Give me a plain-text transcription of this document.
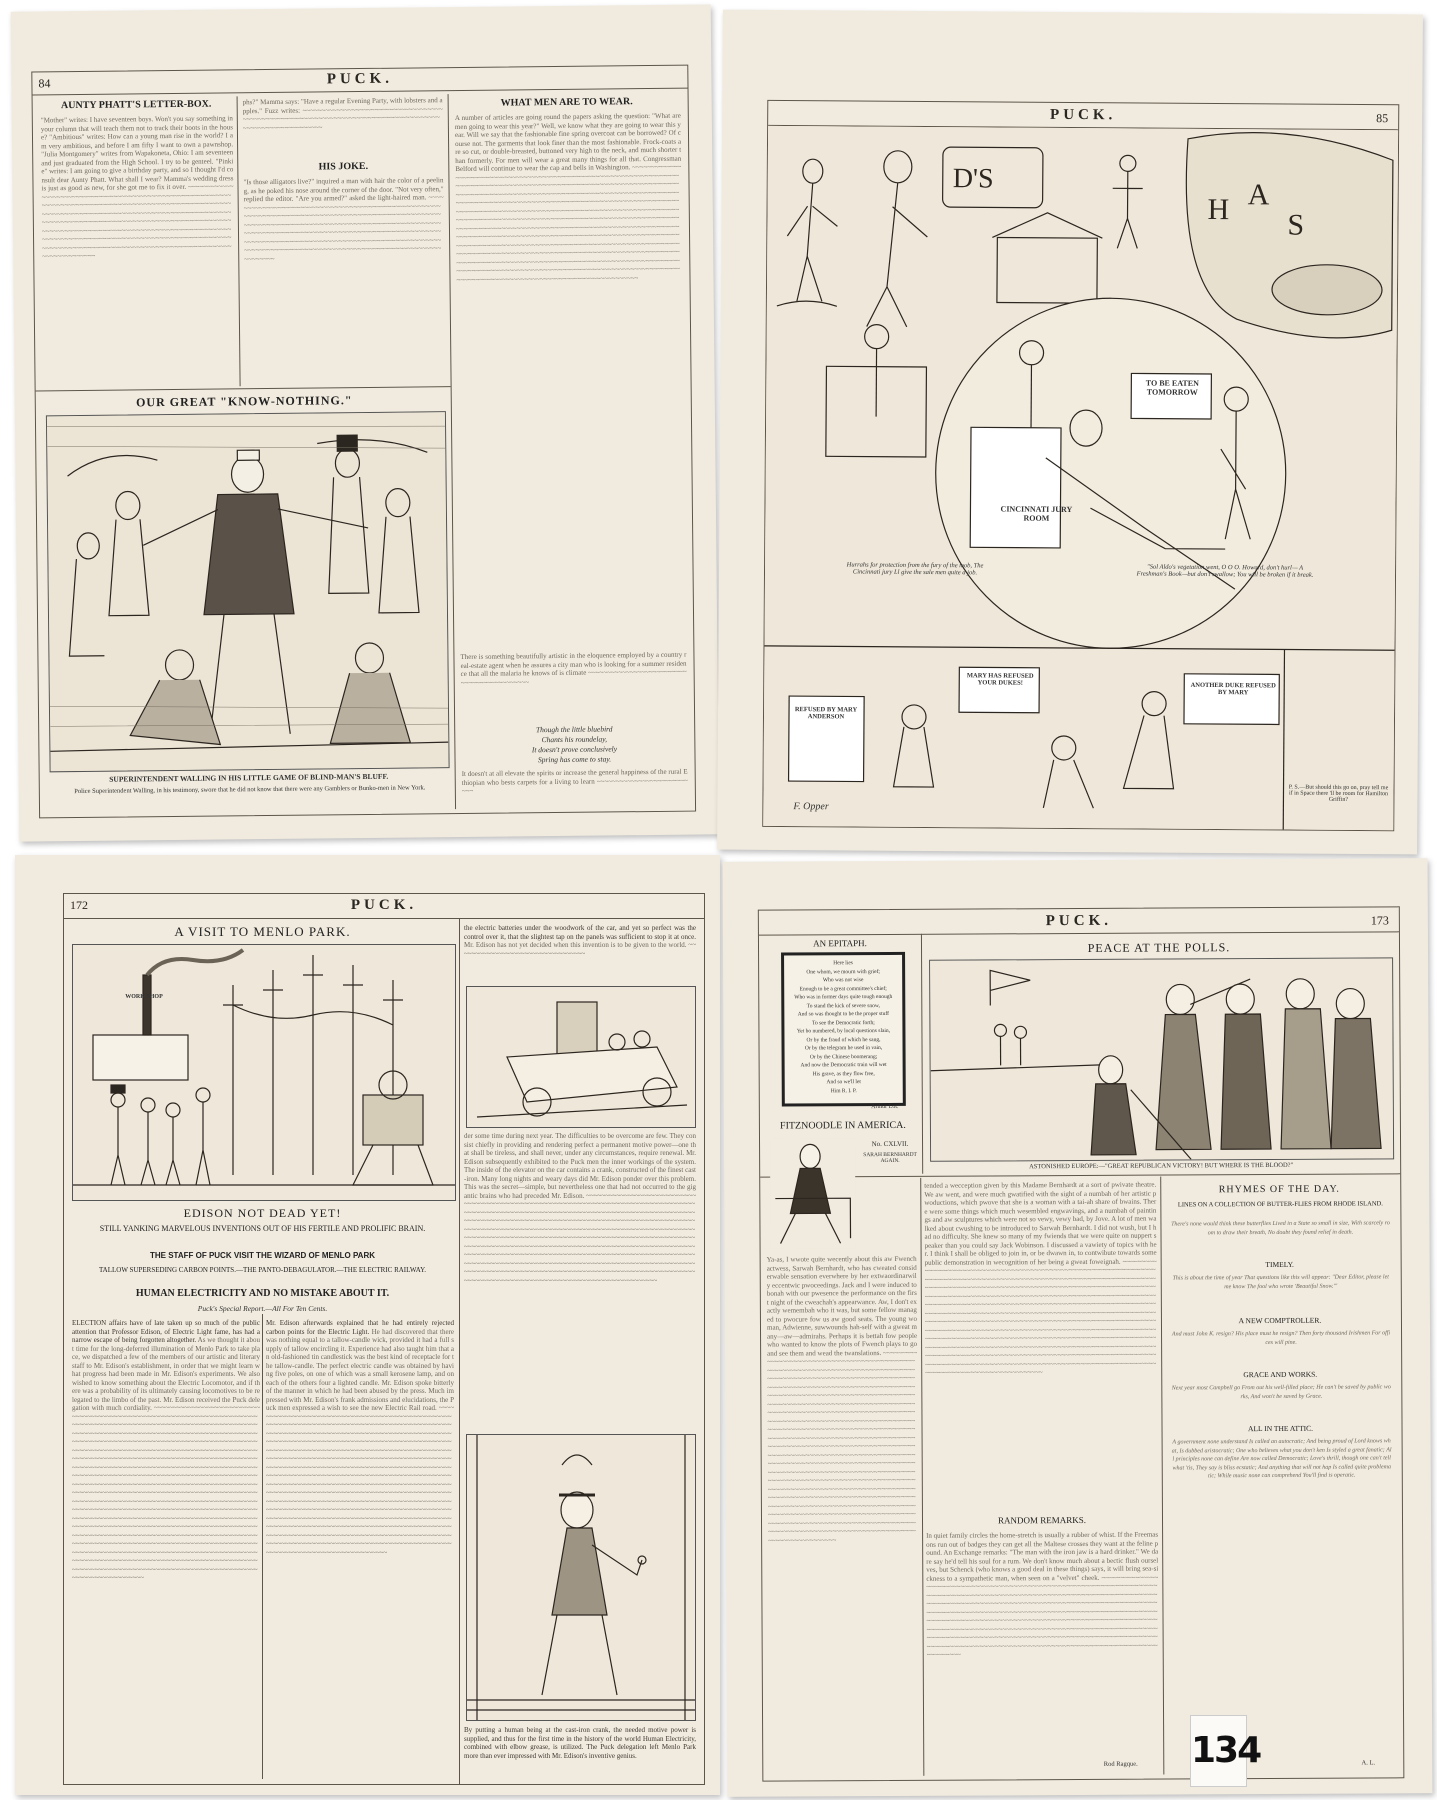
84	PUCK.
AUNTY PHATT'S LETTER-BOX.
"Mother" writes: I have seventeen boys. Won't you say something in your column that will teach them not to track their boots in the house? "Ambitious" writes: How can a young man rise in the world? I am very ambitious, and before I am fifty I want to own a pawnshop. "Julia Montgomery" writes from Wapakoneta, Ohio: I am seventeen and just graduated from the High School. I try to be genteel. "Pinkie" writes: I am going to give a birthday party, and so I thought I'd consult dear Aunty Phatt. What shall I wear? Mamma's wedding dress is just as good as new, for she got me to fix it over. ~~~~~~~~~~~~~~~~~~~~~~~~~~~~~~~~~~~~~~~~~~~~~~~~~~~~~~~~~~~~~~~~~~~~~~~~~~~~~~~~~~~~~~~~~~~~~~~~~~~~~~~~~~~~~~~~~~~~~~~~~~~~~~~~~~~~~~~~~~~~~~~~~~~~~~~~~~~~~~~~~~~~~~~~~~~~~~~~~~~~~~~~~~~~~~~~~~~~~~~~~~~~~~~~~~~~~~~~~~~~~~~~~~~~~~~~~~~~~~~~~~~~~~~~~~~~~~~~~~~~~~~~~~~~~~~~~~~~~~~~~~~~~~~~~~~~~~~~~~~~~~~~~~~~~~~~~~~~~~~~~~~~~~~~~~~~~~~~~~~~~~~~~~~~~~~~~~~~~~~~~~~~~~~~~~~~~~~~
phs?" Mamma says: "Have a regular Evening Party, with lobsters and apples." Fuzz writes: ~~~~~~~~~~~~~~~~~~~~~~~~~~~~~~~~~~~~~~~~~~~~~~~~~~~~~~~~~~~~~~~~~~~~~~~~~~~~~~~~~~~~~~~~~~~~~~~~~~~~~~~~~~~~~~
HIS JOKE.
"Is those alligators live?" inquired a man with hair the color of a peeling, as he poked his nose around the corner of the door. "Not very often," replied the editor. "Are you armed?" asked the light-haired man. ~~~~~~~~~~~~~~~~~~~~~~~~~~~~~~~~~~~~~~~~~~~~~~~~~~~~~~~~~~~~~~~~~~~~~~~~~~~~~~~~~~~~~~~~~~~~~~~~~~~~~~~~~~~~~~~~~~~~~~~~~~~~~~~~~~~~~~~~~~~~~~~~~~~~~~~~~~~~~~~~~~~~~~~~~~~~~~~~~~~~~~~~~~~~~~~~~~~~~~~~~~~~~~~~~~~~~~~~~~~~~~~~~~~~~~~~~~~~~~~~~~~~~~~~~~~~~~~~~~~~~~~~~~~~~~~~~~~~~~~~~~~~~~~~~~~~~~~~~~~~~~~~~~~~~~~~~~~~~~~~~~~~
WHAT MEN ARE TO WEAR.
A number of articles are going round the papers asking the question: "What are men going to wear this year?" Well, we know what they are going to wear this year. Will we say that the fashionable fine spring overcoat can be borrowed? Of course not. The garments that look finer than the most fashionable. Frock-coats are so cut, or double-breasted, buttoned very high to the neck, and much shorter than formerly. For men will wear a great many things for all that. Congressman Belford will continue to wear the cap and bells in Washington. ~~~~~~~~~~~~~~~~~~~~~~~~~~~~~~~~~~~~~~~~~~~~~~~~~~~~~~~~~~~~~~~~~~~~~~~~~~~~~~~~~~~~~~~~~~~~~~~~~~~~~~~~~~~~~~~~~~~~~~~~~~~~~~~~~~~~~~~~~~~~~~~~~~~~~~~~~~~~~~~~~~~~~~~~~~~~~~~~~~~~~~~~~~~~~~~~~~~~~~~~~~~~~~~~~~~~~~~~~~~~~~~~~~~~~~~~~~~~~~~~~~~~~~~~~~~~~~~~~~~~~~~~~~~~~~~~~~~~~~~~~~~~~~~~~~~~~~~~~~~~~~~~~~~~~~~~~~~~~~~~~~~~~~~~~~~~~~~~~~~~~~~~~~~~~~~~~~~~~~~~~~~~~~~~~~~~~~~~~~~~~~~~~~~~~~~~~~~~~~~~~~~~~~~~~~~~~~~~~~~~~~~~~~~~~~~~~~~~~~~~~~~~~~~~~~~~~~~~~~~~~~~~~~~~~~~~~~~~~~~~~~~~~~~~~~~~~~~~~~~~~~~~~~~~~~~~~~~~~~~~~~~~~~~~~~~~~~~~~~~~~~~~~~~~~~~~~~~~~~~~~~~~~~~~~~~~~~~~~~~~~~~~~~~~~~~~~~~~~~~~~~~~~~~~~~~~~~~~~~~~~~~~~~~~~~~~~~~~~~~~~~~~~~~~~~~~~~~~~~~~~~~~~~~~~~~~~~~~~~~~~~~~~~~~~~~~~~~~~~~~~~~~~~~~~~~~~~~~~~~~~~~~~~~~~~~~~~~~~~~~~~~~~~~~~~~~~~~~~~~~~~~~~~~~~
There is something beautifully artistic in the eloquence employed by a country real-estate agent when he assures a city man who is looking for a summer residence that all the malaria he knows of is climate ~~~~~~~~~~~~~~~~~~~~~~~~~~~~~~~~~~~~~~~~~~~~
Though the little bluebird
Chants his roundelay,
It doesn't prove conclusively
Spring has come to stay.
It doesn't at all elevate the spirits or increase the general happiness of the rural Ethiopian who bests carpets for a living to learn ~~~~~~~~~~~~~~~~~~~~~~~~~~~
OUR GREAT "KNOW-NOTHING."
SUPERINTENDENT WALLING IN HIS LITTLE GAME OF BLIND-MAN'S BLUFF.
Police Superintendent Walling, in his testimony, swore that he did not know that there were any Gamblers or Bunko-men in New York.
PUCK.	85
D'S
H A
S
CINCINNATI JURY ROOM
TO BE EATEN TOMORROW
MARY HAS REFUSED YOUR DUKES!
REFUSED BY MARY ANDERSON
ANOTHER DUKE REFUSED BY MARY
Hurrahs for protection from the fury of the mob, The Cincinnati jury Ll give the sale men quite a job.
"Sol Aldo's vegetation went, O O O. Howard, don't hurl— A Freshman's Book—but don't swallow; You will be broken if it break.
F. Opper
P. S.—But should this go on, pray tell me if in Space there 'll be room for Hamilton Griffin?
172	PUCK.
A VISIT TO MENLO PARK.
WORK SHOP
EDISON NOT DEAD YET!
STILL YANKING MARVELOUS INVENTIONS OUT OF HIS FERTILE AND PROLIFIC BRAIN.
THE STAFF OF PUCK VISIT THE WIZARD OF MENLO PARK
TALLOW SUPERSEDING CARBON POINTS.—THE PANTO-DEBAGULATOR.—THE ELECTRIC RAILWAY.
HUMAN ELECTRICITY AND NO MISTAKE ABOUT IT.
Puck's Special Report.—All For Ten Cents.
ELECTION affairs have of late taken up so much of the public attention that Professor Edison, of Electric Light fame, has had a narrow escape of being forgotten altogether. As we thought it about time for the long-deferred illumination of Menlo Park to take place, we dispatched a few of the members of our artistic and literary staff to Mr. Edison's establishment, in order that we might learn what progress had been made in Mr. Edison's experiments. We also wished to know something about the Electric Locomotor, and if there was a probability of its ultimately causing locomotives to be relegated to the limbo of the past. Mr. Edison received the Puck delegation with much cordiality. ~~~~~~~~~~~~~~~~~~~~~~~~~~~~~~~~~~~~~~~~~~~~~~~~~~~~~~~~~~~~~~~~~~~~~~~~~~~~~~~~~~~~~~~~~~~~~~~~~~~~~~~~~~~~~~~~~~~~~~~~~~~~~~~~~~~~~~~~~~~~~~~~~~~~~~~~~~~~~~~~~~~~~~~~~~~~~~~~~~~~~~~~~~~~~~~~~~~~~~~~~~~~~~~~~~~~~~~~~~~~~~~~~~~~~~~~~~~~~~~~~~~~~~~~~~~~~~~~~~~~~~~~~~~~~~~~~~~~~~~~~~~~~~~~~~~~~~~~~~~~~~~~~~~~~~~~~~~~~~~~~~~~~~~~~~~~~~~~~~~~~~~~~~~~~~~~~~~~~~~~~~~~~~~~~~~~~~~~~~~~~~~~~~~~~~~~~~~~~~~~~~~~~~~~~~~~~~~~~~~~~~~~~~~~~~~~~~~~~~~~~~~~~~~~~~~~~~~~~~~~~~~~~~~~~~~~~~~~~~~~~~~~~~~~~~~~~~~~~~~~~~~~~~~~~~~~~~~~~~~~~~~~~~~~~~~~~~~~~~~~~~~~~~~~~~~~~~~~~~~~~~~~~~~~~~~~~~~~~~~~~~~~~~~~~~~~~~~~~~~~~~~~~~~~~~~~~~~~~~~~~~~~~~~~~~~~~~~~~~~~~~~~~~~~~~~~~~~~~~~~~~~~~~~~~~~~~~~~~~~~~~~~~~~~~~~~~~~~~~~~~~~~~~~~~~~~~~~~~~~~~~~~~~~~~~~~~~~~~~~~~~~~~~~~~~~~~~~~~~~~~~~~~~~~~~~~~~~~~~~~~~~~~~~~~~~~~~~~~~~~~~~~~~~~~~~~~~~~~~~~~~~~~~~~~~~~~~~~~~~~~~~~~~~~~~~~~~~~~~~~~~~~~~~~~~~~~~~~~~~~~~~~~~~~~~~~~~~~~~~~~~~~~~~~~~~~~~~~~~~~~~~~~~~~~~~~~~~~~~~~~~~~~~~~~~~~~~~~~~~~~~~~~~~~~~~~~~~~~~
Mr. Edison afterwards explained that he had entirely rejected carbon points for the Electric Light. He had discovered that there was nothing equal to a tallow-candle wick, provided it had a full supply of tallow encircling it. Experience had also taught him that an old-fashioned tin candlestick was the best kind of receptacle for the tallow-candle. The perfect electric candle was obtained by having five poles, on one of which was a small kerosene lamp, and on each of the others four a lighted candle. Mr. Edison spoke bitterly of the manner in which he had been abused by the press. Much impressed with Mr. Edison's frank admissions and elucidations, the Puck men expressed a wish to see the new Electric Rail road. ~~~~~~~~~~~~~~~~~~~~~~~~~~~~~~~~~~~~~~~~~~~~~~~~~~~~~~~~~~~~~~~~~~~~~~~~~~~~~~~~~~~~~~~~~~~~~~~~~~~~~~~~~~~~~~~~~~~~~~~~~~~~~~~~~~~~~~~~~~~~~~~~~~~~~~~~~~~~~~~~~~~~~~~~~~~~~~~~~~~~~~~~~~~~~~~~~~~~~~~~~~~~~~~~~~~~~~~~~~~~~~~~~~~~~~~~~~~~~~~~~~~~~~~~~~~~~~~~~~~~~~~~~~~~~~~~~~~~~~~~~~~~~~~~~~~~~~~~~~~~~~~~~~~~~~~~~~~~~~~~~~~~~~~~~~~~~~~~~~~~~~~~~~~~~~~~~~~~~~~~~~~~~~~~~~~~~~~~~~~~~~~~~~~~~~~~~~~~~~~~~~~~~~~~~~~~~~~~~~~~~~~~~~~~~~~~~~~~~~~~~~~~~~~~~~~~~~~~~~~~~~~~~~~~~~~~~~~~~~~~~~~~~~~~~~~~~~~~~~~~~~~~~~~~~~~~~~~~~~~~~~~~~~~~~~~~~~~~~~~~~~~~~~~~~~~~~~~~~~~~~~~~~~~~~~~~~~~~~~~~~~~~~~~~~~~~~~~~~~~~~~~~~~~~~~~~~~~~~~~~~~~~~~~~~~~~~~~~~~~~~~~~~~~~~~~~~~~~~~~~~~~~~~~~~~~~~~~~~~~~~~~~~~~~~~~~~~~~~~~~~~~~~~~~~~~~~~~~~~~~~~~~~~~~~~~~~~~~~~~~~~~~~~~~~~~~~~~~~~~~~~~~~~~~~~~~~~~~~~~~~~~~~~~~~~~~~~~~~~~~~~~~~~~~~~~~~~~~~~~~
the electric batteries under the woodwork of the car, and yet so perfect was the control over it, that the slightest tap on the panels was sufficient to stop it at once. Mr. Edison has not yet decided when this invention is to be given to the world. ~~~~~~~~~~~~~~~~~~~~~~~~~~~~~~~~~~
der some time during next year. The difficulties to be overcome are few. They consist chiefly in providing and rendering perfect a permanent motive power—one that shall be tireless, and shall never, under any circumstances, require renewal. Mr. Edison subsequently exhibited to the Puck men the inner workings of the system. The inside of the elevator on the car contains a crank, constructed of the finest cast-iron. Many long nights and weary days did Mr. Edison ponder over this problem. This was the secret—simple, but nevertheless one that had not occurred to the gigantic brains who had preceded Mr. Edison. ~~~~~~~~~~~~~~~~~~~~~~~~~~~~~~~~~~~~~~~~~~~~~~~~~~~~~~~~~~~~~~~~~~~~~~~~~~~~~~~~~~~~~~~~~~~~~~~~~~~~~~~~~~~~~~~~~~~~~~~~~~~~~~~~~~~~~~~~~~~~~~~~~~~~~~~~~~~~~~~~~~~~~~~~~~~~~~~~~~~~~~~~~~~~~~~~~~~~~~~~~~~~~~~~~~~~~~~~~~~~~~~~~~~~~~~~~~~~~~~~~~~~~~~~~~~~~~~~~~~~~~~~~~~~~~~~~~~~~~~~~~~~~~~~~~~~~~~~~~~~~~~~~~~~~~~~~~~~~~~~~~~~~~~~~~~~~~~~~~~~~~~~~~~~~~~~~~~~~~~~~~~~~~~~~~~~~~~~~~~~~~~~~~~~~~~~~~~~~~~~~~~~~~~~~~~~~~~~~~~~~~~~~~~~~~~~~~~~~~~~~~~~~~~~~~~~~~~~~~~~~~~~~~~~~~~~~~~~~~~~~~~~~~~~~~~~~~~~~~~~~~~~~~~~~~~~~~~~~~~~~~~~~~~~~~~~~~~~~~~~~~~~~~~~~~~~~~~~~~~~~~~~~~~~~~~~~~~~~~~~~~~~~~~~~~~~~~~~~~~~~~~~~~~~~~~~~~~~~~~~~~~~~~~~~
By putting a human being at the cast-iron crank, the needed motive power is supplied, and thus for the first time in the history of the world Human Electricity, combined with elbow grease, is utilized. The Puck delegation left Menlo Park more than ever impressed with Mr. Edison's inventive genius.
PUCK.	173
AN EPITAPH.
Here lies
One whom, we mourn with grief;
Who was not wise
Enough to be a great committee's chief;
Who was in former days quite tough enough
To stand the kick of severe snow,
And so was thought to be the proper stuff
To see the Democratic forth;
Yet bo numbered, by local questions slain,
Or by the fraud of which he sang,
Or by the telegram he used in vain,
Or by the Chinese boomerang;
And now the Democratic train will wet
His grave, as they flow free,
And so we'll let
Him R. I. P.
Arthur Lot.
PEACE AT THE POLLS.
ASTONISHED EUROPE:—"GREAT REPUBLICAN VICTORY! BUT WHERE IS THE BLOOD?"
FITZNOODLE IN AMERICA.
No. CXLVII.
SARAH BERNHARDT AGAIN.
Ya-as, I wwote quite wecently about this aw Fwench actwess, Sarwah Bernhardt, who has cweated considerwable sensation everwhere by her extwaordinarwily eccentwic pwoceedings. Jack and I were induced to bonah with our pwesence the performance on the first night of the cweachah's appearwance. Aw, I don't exactly wemembah who it was, but some fellow managed to pwocure fow us aw good seats. The young woman, Adwienne, suwwounds hah-self with a gweat many—aw—admirahs. Perhaps it is bettah fow people who wanted to know the plots of Fwench plays to go and see them and wead the twanslations. ~~~~~~~~~~~~~~~~~~~~~~~~~~~~~~~~~~~~~~~~~~~~~~~~~~~~~~~~~~~~~~~~~~~~~~~~~~~~~~~~~~~~~~~~~~~~~~~~~~~~~~~~~~~~~~~~~~~~~~~~~~~~~~~~~~~~~~~~~~~~~~~~~~~~~~~~~~~~~~~~~~~~~~~~~~~~~~~~~~~~~~~~~~~~~~~~~~~~~~~~~~~~~~~~~~~~~~~~~~~~~~~~~~~~~~~~~~~~~~~~~~~~~~~~~~~~~~~~~~~~~~~~~~~~~~~~~~~~~~~~~~~~~~~~~~~~~~~~~~~~~~~~~~~~~~~~~~~~~~~~~~~~~~~~~~~~~~~~~~~~~~~~~~~~~~~~~~~~~~~~~~~~~~~~~~~~~~~~~~~~~~~~~~~~~~~~~~~~~~~~~~~~~~~~~~~~~~~~~~~~~~~~~~~~~~~~~~~~~~~~~~~~~~~~~~~~~~~~~~~~~~~~~~~~~~~~~~~~~~~~~~~~~~~~~~~~~~~~~~~~~~~~~~~~~~~~~~~~~~~~~~~~~~~~~~~~~~~~~~~~~~~~~~~~~~~~~~~~~~~~~~~~~~~~~~~~~~~~~~~~~~~~~~~~~~~~~~~~~~~~~~~~~~~~~~~~~~~~~~~~~~~~~~~~~~~~~~~~~~~~~~~~~~~~~~~~~~~~~~~~~~~~~~~~~~~~~~~~~~~~~~~~~~~~~~~~~~~~~~~~~~~~~~~~~~~~~~~~~~~~~~~~~~~~~~~~~~~~~~~~~~~~~~~~~~~~~~~~~~~~~~~~~~~~~~~~~~~~~~~~~~~~~~~~~~~~~~~~~~~~~~~~~~~~~~~~~~~~~~~~~~~~~~~~~~~~~~~~~~~~~~~~~~
tended a wecception given by this Madame Bernhardt at a sort of pwivate theatre. We aw went, and were much gwatified with the sight of a numbah of her artistic pwoductions, which pwove that she is a woman with a tai-ah share of bwains. There were some things which much wesembled engwavings, and a numbah of paintings and aw sculptures which were not so vewy, vewy bad, by Jove. A lot of men walked about cwushing to be introduced to Sarwah Bernhardt. I did not wush, but I had no difficulty. She knew so many of my fwiends that we were quite on nuppert speaker than you could say Jack Wobinson. I discussed a vawiety of topics with her. I think I shall be obliged to join in, or be dwawn in, to contwibute towards some public demonstration in wecognition of her being a gweat foweignah. ~~~~~~~~~~~~~~~~~~~~~~~~~~~~~~~~~~~~~~~~~~~~~~~~~~~~~~~~~~~~~~~~~~~~~~~~~~~~~~~~~~~~~~~~~~~~~~~~~~~~~~~~~~~~~~~~~~~~~~~~~~~~~~~~~~~~~~~~~~~~~~~~~~~~~~~~~~~~~~~~~~~~~~~~~~~~~~~~~~~~~~~~~~~~~~~~~~~~~~~~~~~~~~~~~~~~~~~~~~~~~~~~~~~~~~~~~~~~~~~~~~~~~~~~~~~~~~~~~~~~~~~~~~~~~~~~~~~~~~~~~~~~~~~~~~~~~~~~~~~~~~~~~~~~~~~~~~~~~~~~~~~~~~~~~~~~~~~~~~~~~~~~~~~~~~~~~~~~~~~~~~~~~~~~~~~~~~~~~~~~~~~~~~~~~~~~~~~~~~~~~~~~~~~~~~~~~~~~~~~~~~~~~~~~~~~~~~~~~~~~~~~~~~~~~~~~~~~~~~~~~~~~~~~~~~~~~~~~~~~~~~~~~~~~~~~~~~~~~~~~~~~~~~~~~~~~~~~~~~~~~~~~~~~~~~~~~~~~~~~~~~~~~~~~~~~~~~~~~~~~~~~~~~~~~~~~~~~~~~~~~~~~~~~~~~~~~~~~~~~~~~~~~~~~~~~~~~~~~~~~~~~~~~~~~~~~~~~~~~~~~~~~~~~~~~~~~~~~~~~~~~~~~~~~~~~~~~~~~~~~~~~~~~~~~~~~~~~~~~~~~~~~~~~~~~~~~~~~~~~~~~~~~~~~~~~~~~~~~~~~~~~~~~~~~~~~~~~~~~~~~~~~~~~~~~~~
RANDOM REMARKS.
In quiet family circles the home-stretch is usually a rubber of whist. If the Freemasons run out of badges they can get all the Maltese crosses they want at the feline pound. An Exchange remarks: "The man with the iron jaw is a hard drinker." We dare say he'd tell his soul for a rum. We don't know much about a bectic flush ourselves, but Schenck (who knows a good deal in these things) says, it will bring sea-sickness to a sympathetic man, when seen on a "velvet" cheek. ~~~~~~~~~~~~~~~~~~~~~~~~~~~~~~~~~~~~~~~~~~~~~~~~~~~~~~~~~~~~~~~~~~~~~~~~~~~~~~~~~~~~~~~~~~~~~~~~~~~~~~~~~~~~~~~~~~~~~~~~~~~~~~~~~~~~~~~~~~~~~~~~~~~~~~~~~~~~~~~~~~~~~~~~~~~~~~~~~~~~~~~~~~~~~~~~~~~~~~~~~~~~~~~~~~~~~~~~~~~~~~~~~~~~~~~~~~~~~~~~~~~~~~~~~~~~~~~~~~~~~~~~~~~~~~~~~~~~~~~~~~~~~~~~~~~~~~~~~~~~~~~~~~~~~~~~~~~~~~~~~~~~~~~~~~~~~~~~~~~~~~~~~~~~~~~~~~~~~~~~~~~~~~~~~~~~~~~~~~~~~~~~~~~~~~~~~~~~~~~~~~~~~~~~~~~~~~~~~~~~~~~~~~~~~~~~~~~~~~~~~~~~~~~~~~~~~~~~~~~~~~~~~~~~~~~~~~~~~~~~~~~~~~~~~~~~~~~~~~~~~~~~~~~~~~~~
Rod Ragque.
RHYMES OF THE DAY.
LINES ON A COLLECTION OF BUTTER-FLIES FROM RHODE ISLAND.
There's none would think these butterflies Lived in a State so small in size, With scarcely room to draw their breath, No doubt they found relief in death.
TIMELY.
This is about the time of year That questions like this will appear: "Dear Editor, please let me know The fool who wrote 'Beautiful Snow.'"
A NEW COMPTROLLER.
And must John K. resign? His place must he resign? Then forty thousand Irishmen For offices will pine.
GRACE AND WORKS.
Next year most Campbell go From out his well-filled place; He can't be saved by public works, And won't be saved by Grace.
ALL IN THE ATTIC.
A government none understand Is called an autocratic; And being proud of Lord knows what, Is dubbed aristocratic; One who believes what you don't ken Is styled a great fanatic; All principles none can define Are now called Democratic; Love's thrill, though one can't tell what 'tis, They say is bliss ecstatic; And anything that will not hap Is called quite problematic; While music none can comprehend You'll find is operatic.
A. L.
134
